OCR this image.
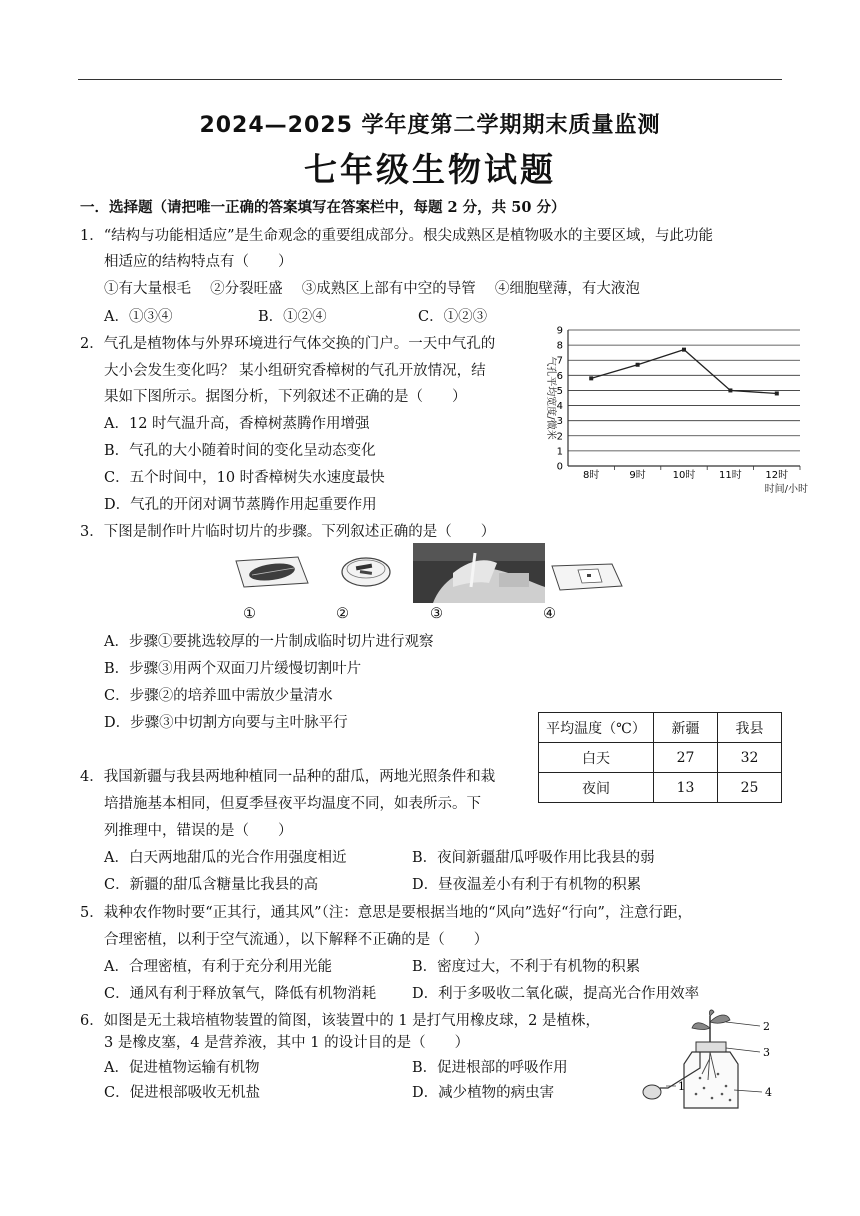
2024—2025 学年度第二学期期末质量监测
七年级生物试题
一．选择题（请把唯一正确的答案填写在答案栏中，每题 2 分，共 50 分）
1．“结构与功能相适应”是生命观念的重要组成部分。根尖成熟区是植物吸水的主要区域，与此功能
相适应的结构特点有（　　）
①有大量根毛　 ②分裂旺盛　 ③成熟区上部有中空的导管　 ④细胞壁薄，有大液泡
A．①③④	B．①②④	C．①②③
2．气孔是植物体与外界环境进行气体交换的门户。一天中气孔的
大小会发生变化吗？ 某小组研究香樟树的气孔开放情况，结
果如下图所示。据图分析，下列叙述不正确的是（　　）
A．12 时气温升高，香樟树蒸腾作用增强
B．气孔的大小随着时间的变化呈动态变化
C．五个时间中，10 时香樟树失水速度最快
D．气孔的开闭对调节蒸腾作用起重要作用
0
1
2
3
4
5
6
7
8
9
8时	9时	10时 11时 12时
气孔平均宽度/微米
时间/小时
3．下图是制作叶片临时切片的步骤。下列叙述正确的是（　　）
①	②	③	④
A．步骤①要挑选较厚的一片制成临时切片进行观察
B．步骤③用两个双面刀片缓慢切割叶片
C．步骤②的培养皿中需放少量清水
D．步骤③中切割方向要与主叶脉平行	平均温度（℃）	新疆	我县
白天	27	32
夜间	13	25
4．我国新疆与我县两地种植同一品种的甜瓜，两地光照条件和栽
培措施基本相同，但夏季昼夜平均温度不同，如表所示。下
列推理中，错误的是（　　）
A．白天两地甜瓜的光合作用强度相近	B．夜间新疆甜瓜呼吸作用比我县的弱
C．新疆的甜瓜含糖量比我县的高	D．昼夜温差小有利于有机物的积累
5．栽种农作物时要“正其行，通其风”（注：意思是要根据当地的“风向”选好“行向”，注意行距，
合理密植，以利于空气流通），以下解释不正确的是（　　）
A．合理密植，有利于充分利用光能	B．密度过大，不利于有机物的积累
C．通风有利于释放氧气，降低有机物消耗 D．利于多吸收二氧化碳，提高光合作用效率
6．如图是无土栽培植物装置的简图，该装置中的 1 是打气用橡皮球，2 是植株，
3 是橡皮塞，4 是营养液，其中 1 的设计目的是（　　）
A．促进植物运输有机物	B．促进根部的呼吸作用
C．促进根部吸收无机盐	D．减少植物的病虫害	1
2
3
4
